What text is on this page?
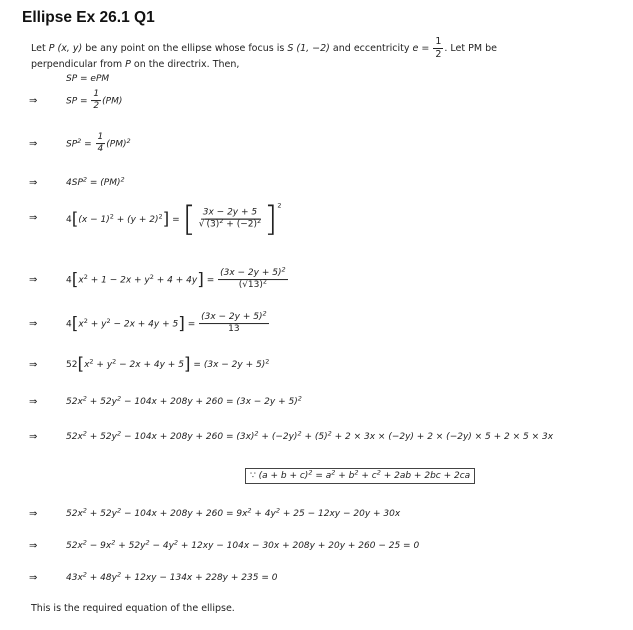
Ellipse Ex 26.1 Q1
Let P (x, y) be any point on the ellipse whose focus is S (1, −2) and eccentricity $e = \frac{1}{2}$ . Let PM be
perpendicular from P on the directrix. Then,
SP = ePM
⇒	SP = $\frac{1}{2} (PM)$
⇒	$SP^2 = \frac{1}{4} (PM)^2$
⇒	$4SP^2 = (PM)^2$
⇒	$4[(x - 1)^2 + (y + 2)^2]$ = [ $\frac{3x - 2y + 5}{√ (3)^2 + (-2)^2} ]^2$
⇒	$4[x^2 + 1 - 2x + y^2 + 4 + 4y] = \frac{(3x - 2y + 5)^2}{(√13)^2}$
⇒	$4[x^2 + y^2 - 2x + 4y + 5] = \frac{(3x - 2y + 5)^2}{13}$
⇒	$52[x^2 + y^2 - 2x + 4y + 5] = (3x - 2y + 5)^2$
⇒	$52x^2 + 52y^2 - 104x + 208y + 260 = (3x - 2y + 5)^2$
⇒	$52x^2 + 52y^2 - 104x + 208y + 260 = (3x)^2 + (-2y)^2 + (5)^2 + 2 \times 3x \times (-2y) + 2 \times (-2y) \times 5 + 2 \times 5 \times 3x$
∵ $(a + b + c)^2 = a^2 + b^2 + c^2 + 2ab + 2bc + 2ca$
⇒	$52x^2 + 52y^2 - 104x + 208y + 260 = 9x^2 + 4y^2 + 25 - 12xy - 20y + 30x$
⇒	$52x^2 - 9x^2 + 52y^2 - 4y^2 + 12xy - 104x - 30x + 208y + 20y + 260 - 25 = 0$
⇒	$43x^2 + 48y^2 + 12xy - 134x + 228y + 235 = 0$
This is the required equation of the ellipse.
